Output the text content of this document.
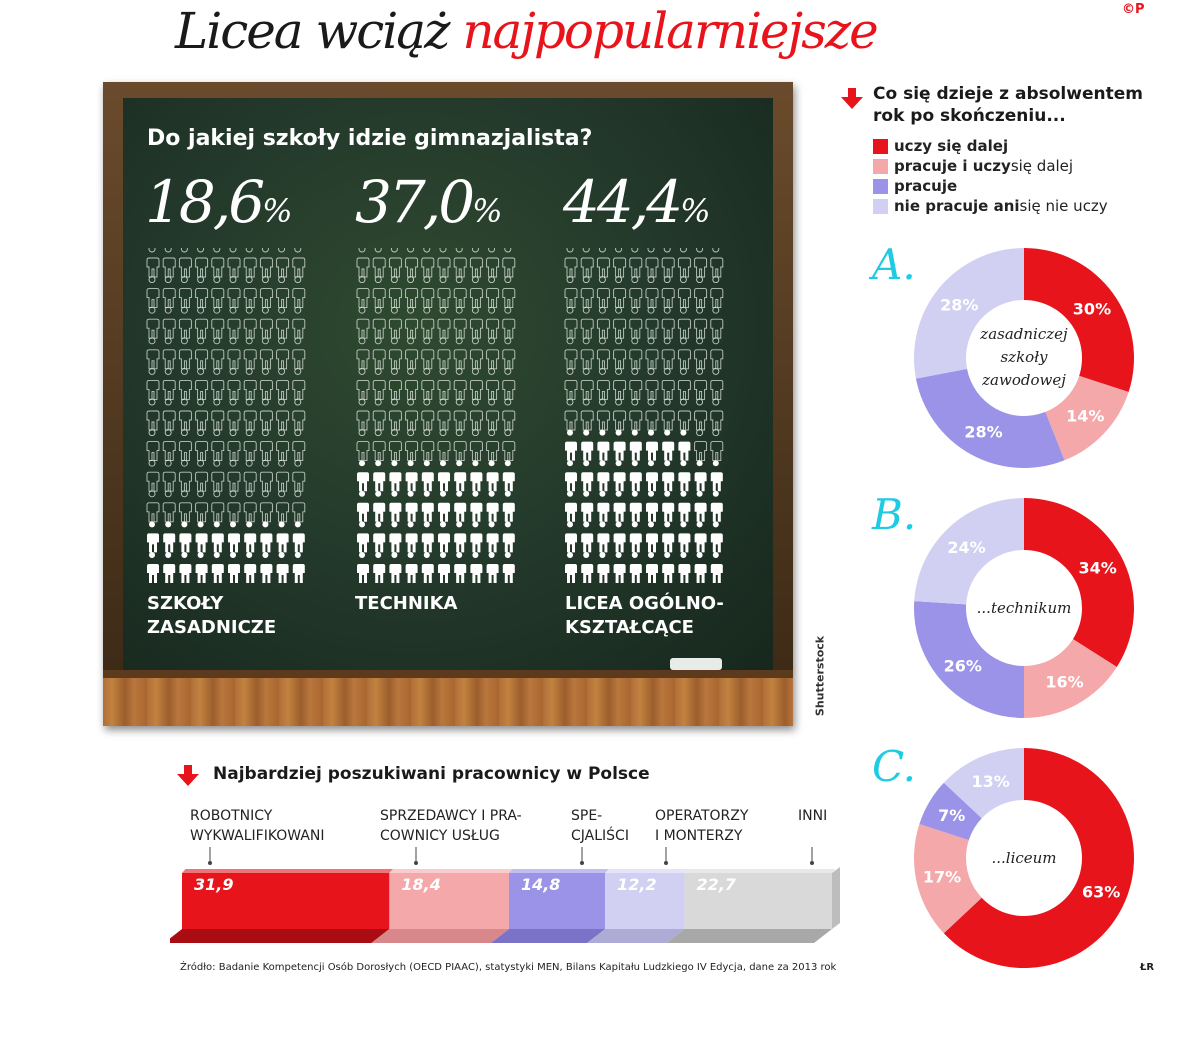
Licea wciąż najpopularniejsze	©P
Do jakiej szkoły idzie gimnazjalista?
18,6% 37,0% 44,4%
SZKOŁY
ZASADNICZE
TECHNIKA	LICEA OGÓLNO-
KSZTAŁCĄCE
Shutterstock
Co się dzieje z absolwentem
rok po skończeniu...
uczy się dalej
pracuje i uczy się dalej
pracuje
nie pracuje ani się nie uczy
A.
B.
C.
30%
14%
28%
28%
34%
16%
26%
24%
63%
17%
7%
13%
zasadniczej
szkoły
zawodowej
...technikum
...liceum
Najbardziej poszukiwani pracownicy w Polsce
ROBOTNICY
WYKWALIFIKOWANI
SPRZEDAWCY I PRA-
COWNICY USŁUG
SPE-
CJALIŚCI
OPERATORZY
I MONTERZY
INNI
31,9	18,4	14,8	12,2 22,7
Źródło: Badanie Kompetencji Osób Dorosłych (OECD PIAAC), statystyki MEN, Bilans Kapitału Ludzkiego IV Edycja, dane za 2013 rok	ŁR
